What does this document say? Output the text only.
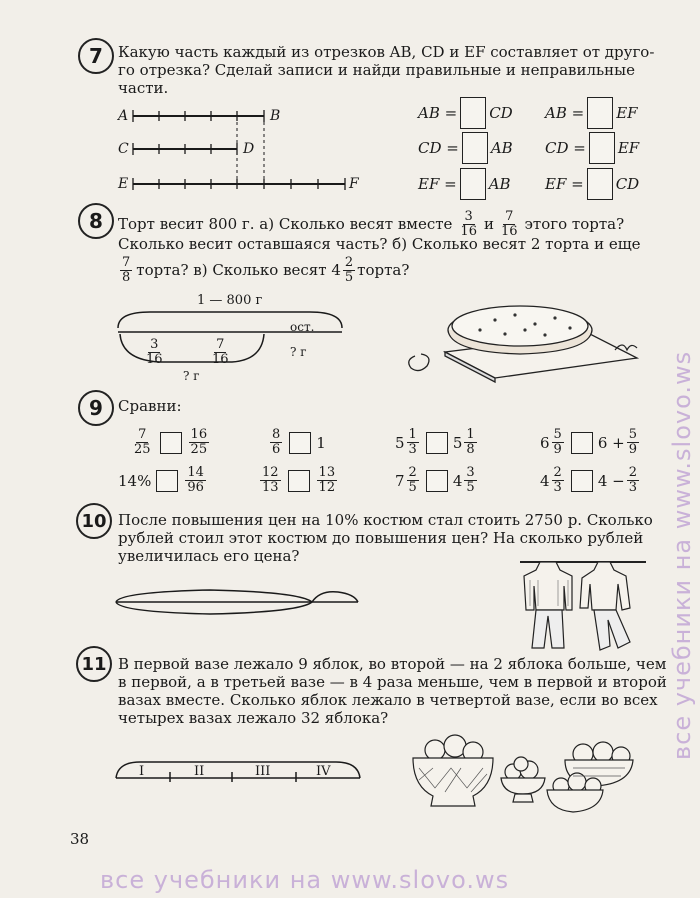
7	Какую часть каждый из отрезков AB, CD и EF составляет от друго-
го отрезка? Сделай записи и найди правильные и неправильные
части.
A	B
C	D
E	F
AB = CD AB = EF
CD = AB CD = EF
EF = AB EF = CD
8	Торт весит 800 г. а) Сколько весят вместе $\frac{3}{16}$ и $\frac{7}{16}$ этого торта?
Сколько весит оставшаяся часть? б) Сколько весят 2 торта и еще
$\frac{7}{8}$ торта? в) Сколько весят $4 \frac{2}{5}$ торта?
1 — 800 г
ост.
$\frac{3}{16}$	$\frac{7}{16}$	? г
? г
9	Сравни:
$\frac{7}{25}$	$\frac{16}{25}$	$\frac{8}{6} 1$	$5 \frac{1}{3} 5 \frac{1}{8}$	$6 \frac{5}{9} 6 + \frac{5}{9}$
14%	$\frac{14}{96}$	$\frac{12}{13}$	$\frac{13}{12}$	$7 \frac{2}{5} 4 \frac{3}{5}$	$4 \frac{2}{3} 4 - \frac{2}{3}$
10 После повышения цен на 10% костюм стал стоить 2750 р. Сколько
рублей стоил этот костюм до повышения цен? На сколько рублей
увеличилась его цена?
11 В первой вазе лежало 9 яблок, во второй — на 2 яблока больше, чем
в первой, а в третьей вазе — в 4 раза меньше, чем в первой и второй
вазах вместе. Сколько яблок лежало в четвертой вазе, если во всех
четырех вазах лежало 32 яблока?
I	II	III	IV
38
все учебники на www.slovo.ws
все учебники на www.slovo.ws
